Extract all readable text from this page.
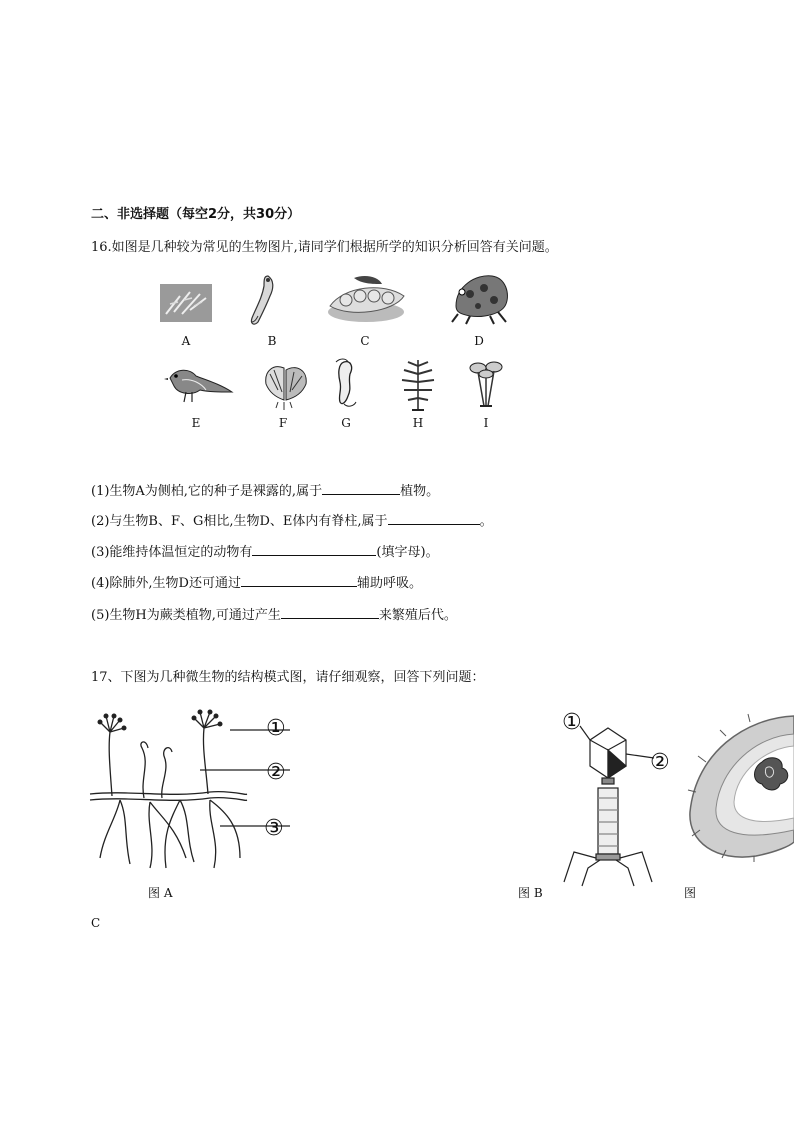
二、非选择题（每空2分，共30分）
16.如图是几种较为常见的生物图片,请同学们根据所学的知识分析回答有关问题。
A	B	C	D
E	F	G	H	I
(1)生物A为侧柏,它的种子是裸露的,属于	植物。
(2)与生物B、F、G相比,生物D、E体内有脊柱,属于	。
(3)能维持体温恒定的动物有	(填字母)。
(4)除肺外,生物D还可通过	辅助呼吸。
(5)生物H为蕨类植物,可通过产生	来繁殖后代。
17、下图为几种微生物的结构模式图，请仔细观察，回答下列问题：
①
②
③
图 A
①
②
图 B	图
C
